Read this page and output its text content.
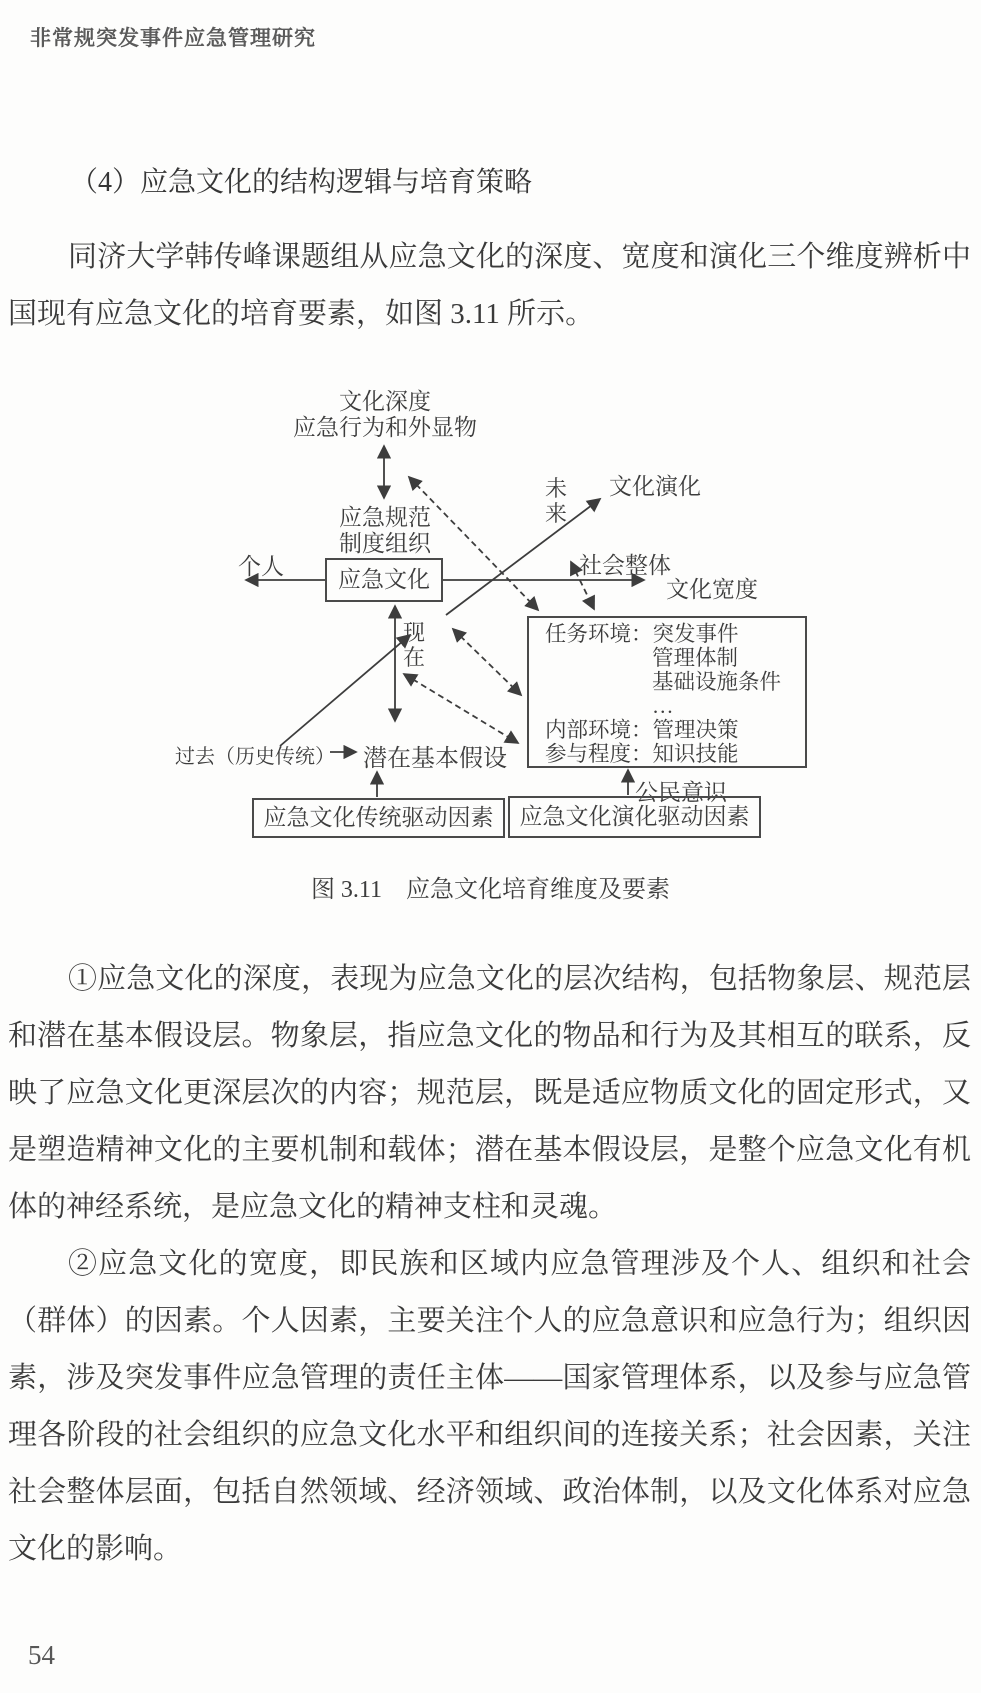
非常规突发事件应急管理研究
（4）应急文化的结构逻辑与培育策略

同济大学韩传峰课题组从应急文化的深度、宽度和演化三个维度辨析中国现有应急文化的培育要素，如图 3.11 所示。

文化深度
应急行为和外显物
应急规范
制度组织
个人
应急文化
社会整体
文化宽度
未来
文化演化
现在
过去（历史传统） 潜在基本假设
任务环境：突发事件
管理体制
基础设施条件
…
内部环境：管理决策
参与程度：知识技能
公民意识
应急文化传统驱动因素	应急文化演化驱动因素
图 3.11　应急文化培育维度及要素

①应急文化的深度，表现为应急文化的层次结构，包括物象层、规范层和潜在基本假设层。物象层，指应急文化的物品和行为及其相互的联系，反映了应急文化更深层次的内容；规范层，既是适应物质文化的固定形式，又是塑造精神文化的主要机制和载体；潜在基本假设层，是整个应急文化有机体的神经系统，是应急文化的精神支柱和灵魂。

②应急文化的宽度，即民族和区域内应急管理涉及个人、组织和社会（群体）的因素。个人因素，主要关注个人的应急意识和应急行为；组织因素，涉及突发事件应急管理的责任主体——国家管理体系，以及参与应急管理各阶段的社会组织的应急文化水平和组织间的连接关系；社会因素，关注社会整体层面，包括自然领域、经济领域、政治体制，以及文化体系对应急文化的影响。

54
